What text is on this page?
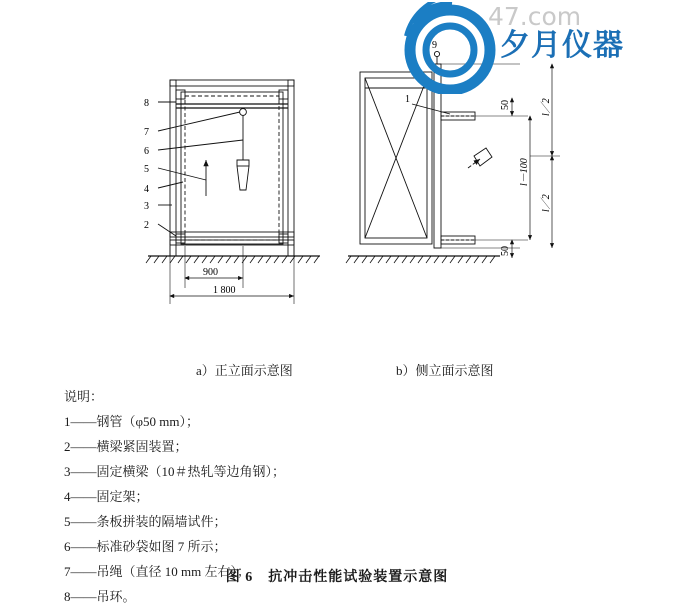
8
7
6
5
4
3
2
9
1
900
1 800
50
50
l－100
l／2
l／2
47.com
夕月仪器
a）正立面示意图	b）侧立面示意图
说明：
1——钢管（φ50 mm）；
2——横梁紧固装置；
3——固定横梁（10＃热轧等边角钢）；
4——固定架；
5——条板拼装的隔墙试件；
6——标准砂袋如图 7 所示；
7——吊绳（直径 10 mm 左右）；
8——吊环。
图 6　抗冲击性能试验装置示意图
